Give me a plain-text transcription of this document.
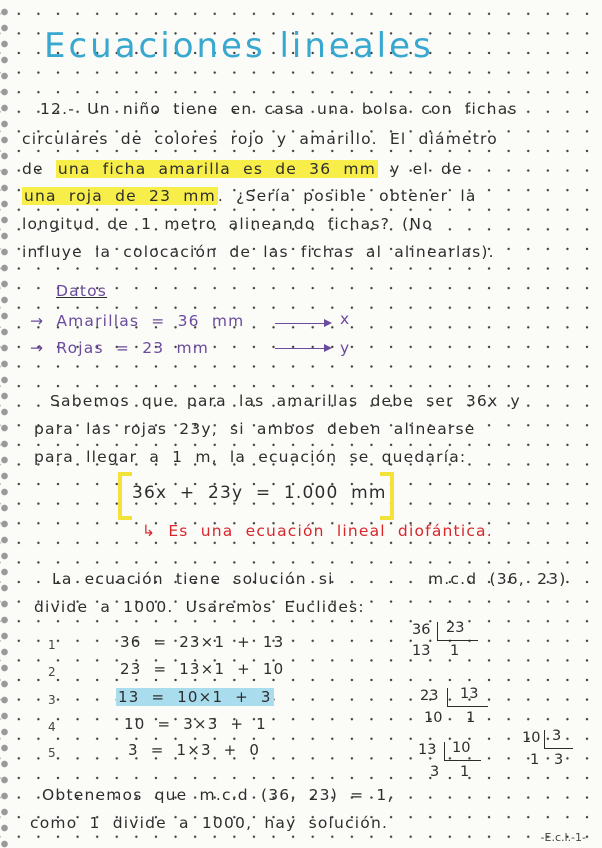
Ecuaciones lineales
12.- Un niño tiene en casa una bolsa con fichas
circulares de colores rojo y amarillo. El diámetro
de una ficha amarilla es de 36 mm y el de
una roja de 23 mm . ¿Sería posible obtener la
longitud de 1 metro alineando fichas? (No
influye la colocación de las fichas al alinearlas).
Datos
→ Amarillas = 36 mm	x
→ Rojas = 23 mm	y
Sabemos que para las amarillas debe ser 36x y
para las rojas 23y, si ambos deben alinearse
para llegar a 1 m, la ecuación se quedaría:
36x + 23y = 1.000 mm
↳ Es una ecuación lineal diofántica.
La ecuación tiene solución si	m.c.d (36, 23)
divide a 1000. Usaremos Euclides:
1	36 = 23×1 + 13
2	23 = 13×1 + 10
3	13 = 10×1 + 3
4	10 = 3×3 + 1
5	3 = 1×3 + 0
36 23
13 1
23 13
10 1
13 10
3 1
10 3
1 3
Obtenemos que m.c.d (36, 23) = 1,
como 1 divide a 1000, hay solución.
-E.c.l.-1-
